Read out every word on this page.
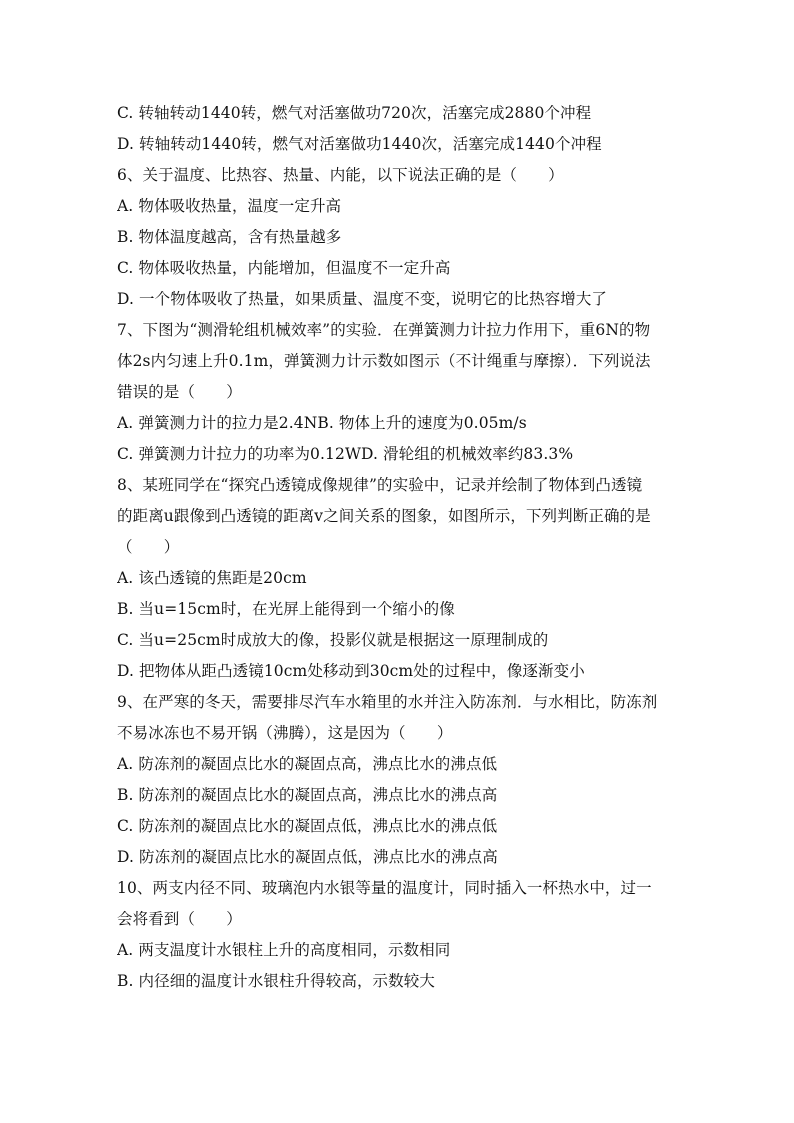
C. 转轴转动1440转，燃气对活塞做功720次，活塞完成2880个冲程
D. 转轴转动1440转，燃气对活塞做功1440次，活塞完成1440个冲程
6、关于温度、比热容、热量、内能，以下说法正确的是（　　）
A. 物体吸收热量，温度一定升高
B. 物体温度越高，含有热量越多
C. 物体吸收热量，内能增加，但温度不一定升高
D. 一个物体吸收了热量，如果质量、温度不变，说明它的比热容增大了
7、下图为“测滑轮组机械效率”的实验．在弹簧测力计拉力作用下，重6N的物
体2s内匀速上升0.1m，弹簧测力计示数如图示（不计绳重与摩擦）．下列说法
错误的是（　　）
A. 弹簧测力计的拉力是2.4NB. 物体上升的速度为0.05m/s
C. 弹簧测力计拉力的功率为0.12WD. 滑轮组的机械效率约83.3%
8、某班同学在“探究凸透镜成像规律”的实验中，记录并绘制了物体到凸透镜
的距离u跟像到凸透镜的距离v之间关系的图象，如图所示，下列判断正确的是
（　　）
A. 该凸透镜的焦距是20cm
B. 当u=15cm时，在光屏上能得到一个缩小的像
C. 当u=25cm时成放大的像，投影仪就是根据这一原理制成的
D. 把物体从距凸透镜10cm处移动到30cm处的过程中，像逐渐变小
9、在严寒的冬天，需要排尽汽车水箱里的水并注入防冻剂．与水相比，防冻剂
不易冰冻也不易开锅（沸腾），这是因为（　　）
A. 防冻剂的凝固点比水的凝固点高，沸点比水的沸点低
B. 防冻剂的凝固点比水的凝固点高，沸点比水的沸点高
C. 防冻剂的凝固点比水的凝固点低，沸点比水的沸点低
D. 防冻剂的凝固点比水的凝固点低，沸点比水的沸点高
10、两支内径不同、玻璃泡内水银等量的温度计，同时插入一杯热水中，过一
会将看到（　　）
A. 两支温度计水银柱上升的高度相同，示数相同
B. 内径细的温度计水银柱升得较高，示数较大
